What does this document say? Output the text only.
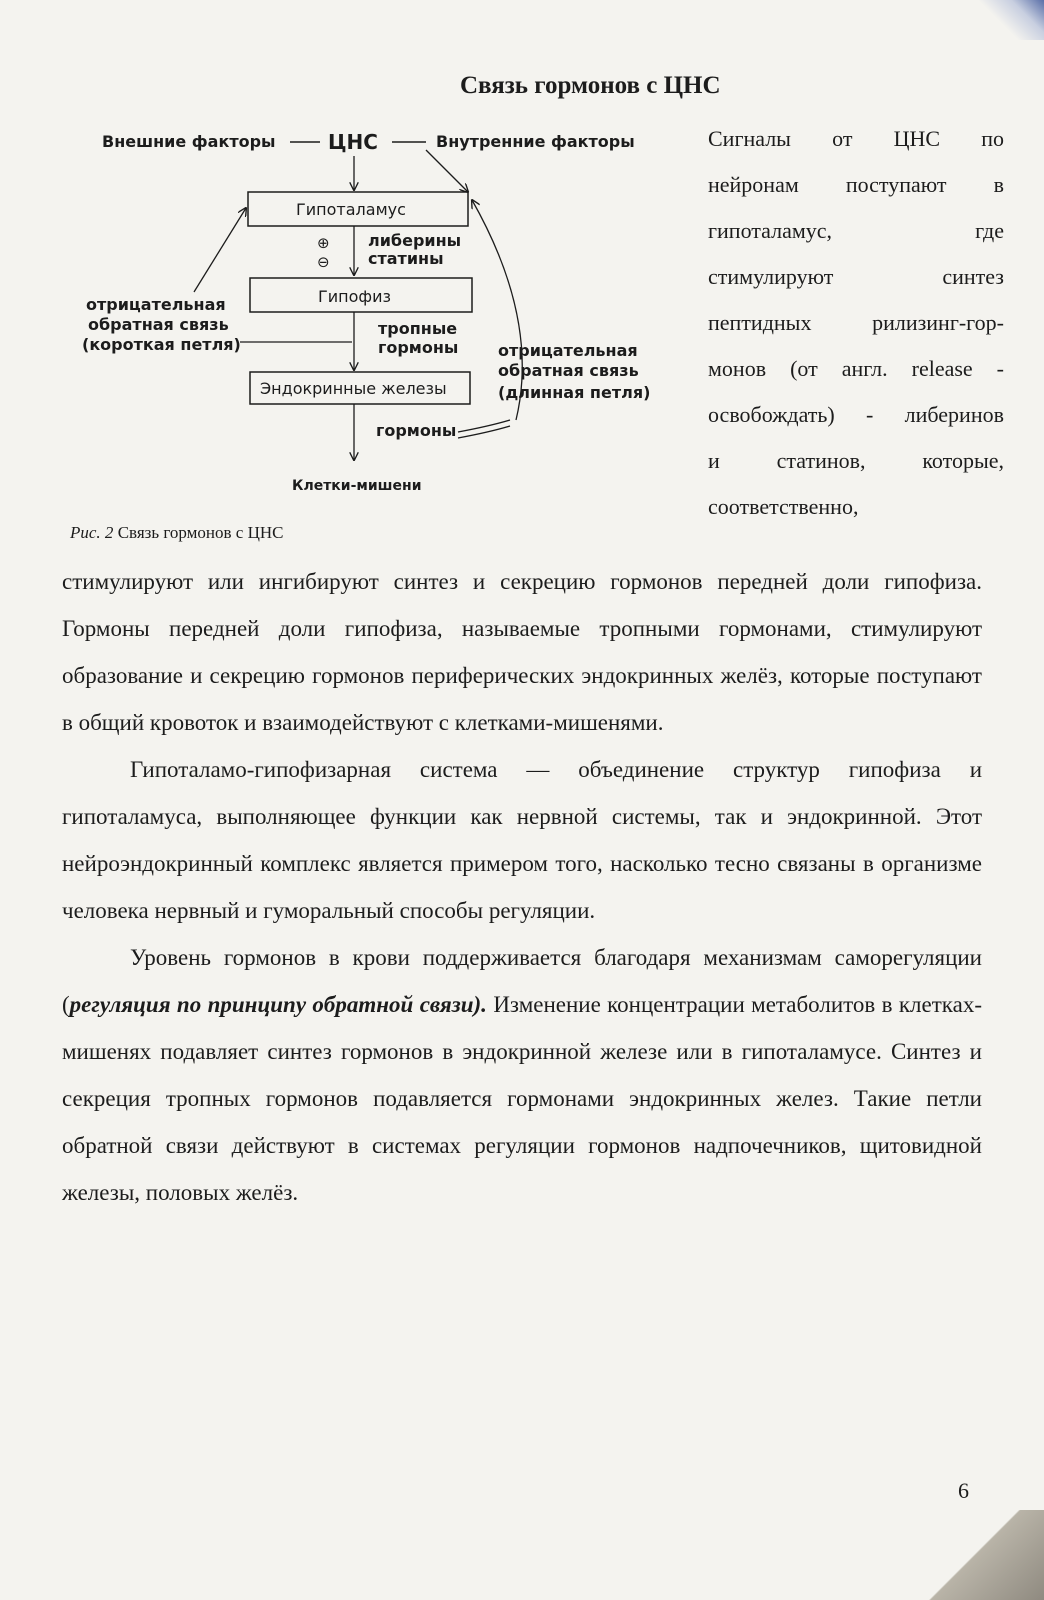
Связь гормонов с ЦНС
Внешние факторы	ЦНС	Внутренние факторы
Гипоталамус
⊕
⊖
либерины
статины
Гипофиз
тропные
гормоны
отрицательная
обратная связь
(короткая петля)
Эндокринные железы
гормоны
отрицательная
обратная связь
(длинная петля)
Клетки-мишени
Сигналы от ЦНС по
нейронам поступают в
гипоталамус, где
стимулируют синтез
пептидных рилизинг-гор-
монов (от англ. release -
освобождать) - либеринов
и статинов, которые,
соответственно,
Рис. 2 Связь гормонов с ЦНС

стимулируют или ингибируют синтез и секрецию гормонов передней доли гипофиза. Гормоны передней доли гипофиза, называемые тропными гормонами, стимулируют образование и секрецию гормонов периферических эндокринных желёз, которые поступают в общий кровоток и взаимодействуют с клетками-мишенями.

Гипоталамо-гипофизарная система — объединение структур гипофиза и гипоталамуса, выполняющее функции как нервной системы, так и эндокринной. Этот нейроэндокринный комплекс является примером того, насколько тесно связаны в организме человека нервный и гуморальный способы регуляции.

Уровень гормонов в крови поддерживается благодаря механизмам саморегуляции (регуляция по принципу обратной связи). Изменение концентрации метаболитов в клетках-мишенях подавляет синтез гормонов в эндокринной железе или в гипоталамусе. Синтез и секреция тропных гормонов подавляется гормонами эндокринных желез. Такие петли обратной связи действуют в системах регуляции гормонов надпочечников, щитовидной железы, половых желёз.

6
